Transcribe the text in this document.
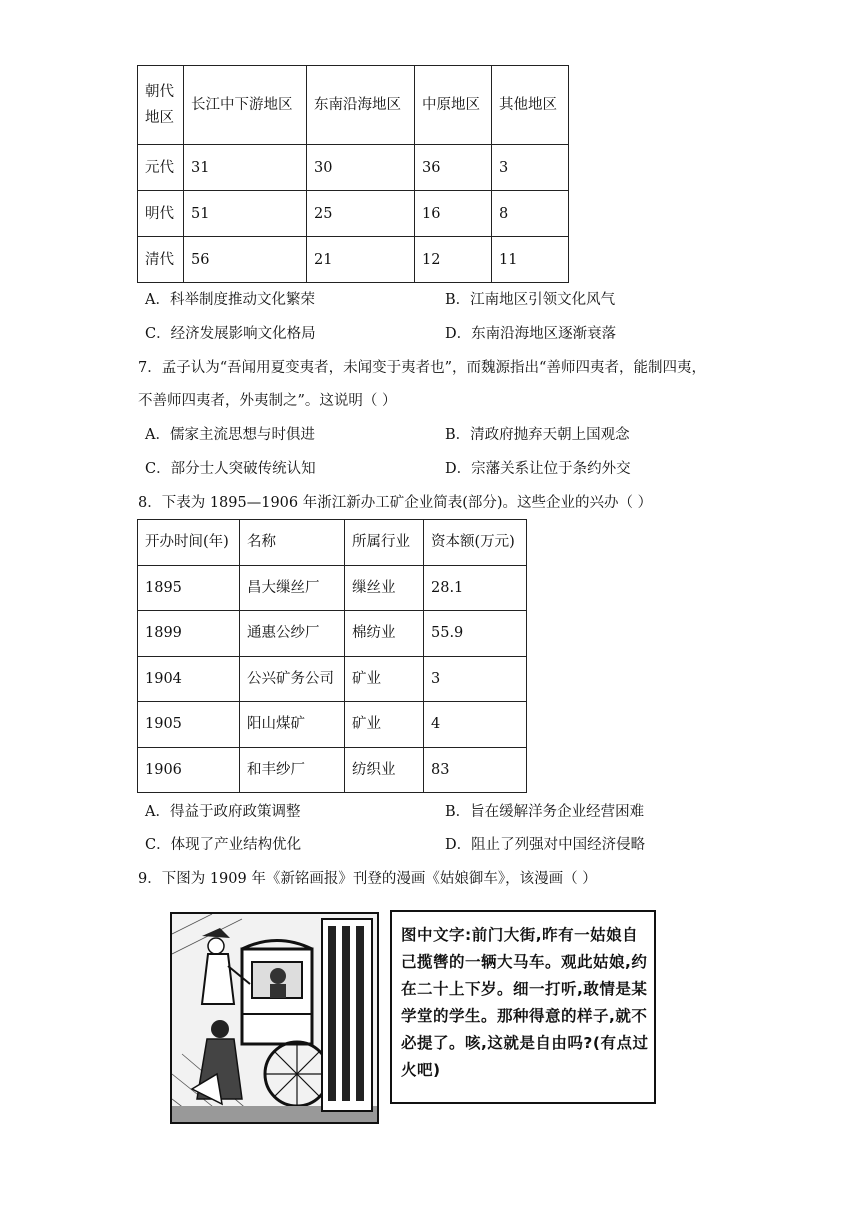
朝代
地区	长江中下游地区	东南沿海地区	中原地区	其他地区
元代	31	30	36	3
明代	51	25	16	8
清代	56	21	12	11
A．科举制度推动文化繁荣	B．江南地区引领文化风气
C．经济发展影响文化格局	D．东南沿海地区逐渐衰落
7．孟子认为“吾闻用夏变夷者，未闻变于夷者也”，而魏源指出“善师四夷者，能制四夷，
不善师四夷者，外夷制之”。这说明（ ）
A．儒家主流思想与时俱进	B．清政府抛弃天朝上国观念
C．部分士人突破传统认知	D．宗藩关系让位于条约外交
8．下表为 1895—1906 年浙江新办工矿企业简表(部分)。这些企业的兴办（ ）
开办时间(年)	名称	所属行业	资本额(万元)
1895	昌大缫丝厂	缫丝业	28.1
1899	通惠公纱厂	棉纺业	55.9
1904	公兴矿务公司	矿业	3
1905	阳山煤矿	矿业	4
1906	和丰纱厂	纺织业	83
A．得益于政府政策调整	B．旨在缓解洋务企业经营困难
C．体现了产业结构优化	D．阻止了列强对中国经济侵略
9．下图为 1909 年《新铭画报》刊登的漫画《姑娘御车》，该漫画（ ）
图中文字:前门大街,昨有一姑娘自己揽辔的一辆大马车。观此姑娘,约在二十上下岁。细一打听,敢情是某学堂的学生。那种得意的样子,就不必提了。咳,这就是自由吗?(有点过火吧)
